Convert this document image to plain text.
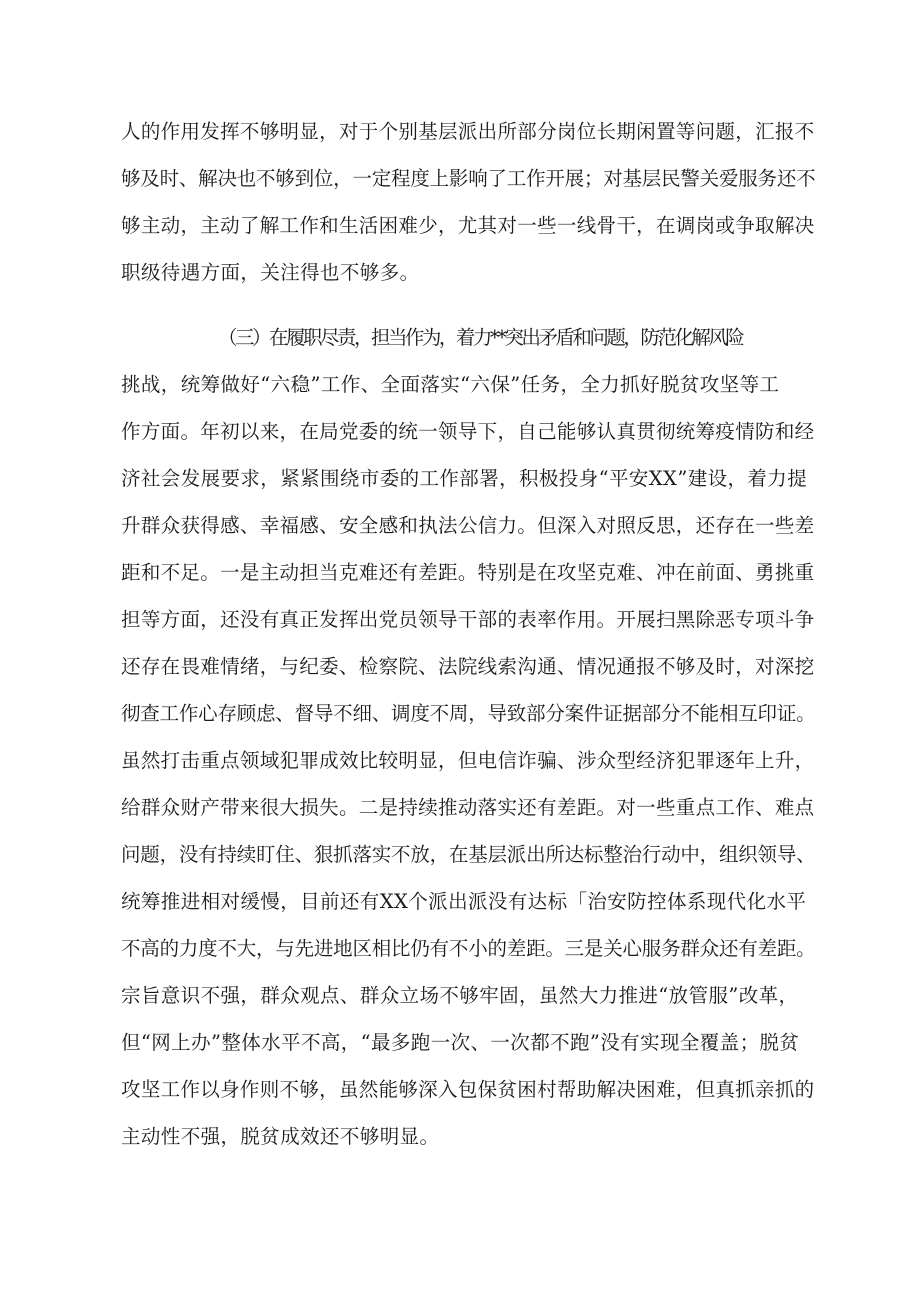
人的作用发挥不够明显，对于个别基层派出所部分岗位长期闲置等问题，汇报不
够及时、解决也不够到位，一定程度上影响了工作开展；对基层民警关爱服务还不
够主动，主动了解工作和生活困难少，尤其对一些一线骨干，在调岗或争取解决
职级待遇方面，关注得也不够多。
（三）在履职尽责，担当作为，着力**突出矛盾和问题，防范化解风险
挑战，统筹做好“六稳”工作、全面落实“六保”任务，全力抓好脱贫攻坚等工
作方面。年初以来，在局党委的统一领导下，自己能够认真贯彻统筹疫情防和经
济社会发展要求，紧紧围绕市委的工作部署，积极投身“平安XX”建设，着力提
升群众获得感、幸福感、安全感和执法公信力。但深入对照反思，还存在一些差
距和不足。一是主动担当克难还有差距。特别是在攻坚克难、冲在前面、勇挑重
担等方面，还没有真正发挥出党员领导干部的表率作用。开展扫黑除恶专项斗争
还存在畏难情绪，与纪委、检察院、法院线索沟通、情况通报不够及时，对深挖
彻查工作心存顾虑、督导不细、调度不周，导致部分案件证据部分不能相互印证。
虽然打击重点领域犯罪成效比较明显，但电信诈骗、涉众型经济犯罪逐年上升，
给群众财产带来很大损失。二是持续推动落实还有差距。对一些重点工作、难点
问题，没有持续盯住、狠抓落实不放，在基层派出所达标整治行动中，组织领导、
统筹推进相对缓慢，目前还有XX个派出派没有达标「治安防控体系现代化水平
不高的力度不大，与先进地区相比仍有不小的差距。三是关心服务群众还有差距。
宗旨意识不强，群众观点、群众立场不够牢固，虽然大力推进“放管服”改革，
但“网上办”整体水平不高，“最多跑一次、一次都不跑”没有实现全覆盖；脱贫
攻坚工作以身作则不够，虽然能够深入包保贫困村帮助解决困难，但真抓亲抓的
主动性不强，脱贫成效还不够明显。
